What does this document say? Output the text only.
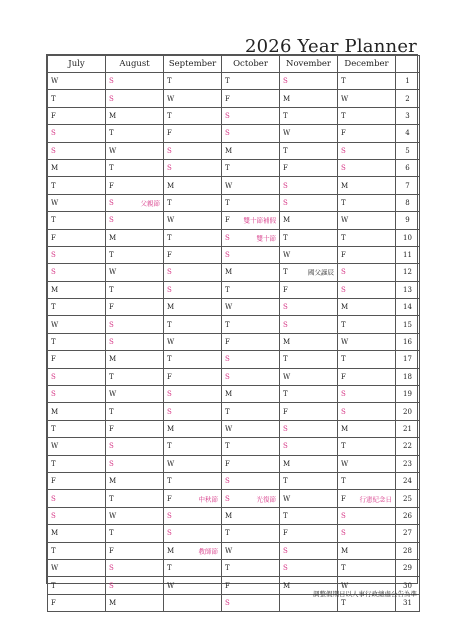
2026 Year Planner
July	August	September	October	November	December	

W	S	T	T	S	T	1

T	S	W	F	M	W	2

F	M	T	S	T	T	3

S	T	F	S	W	F	4

S	W	S	M	T	S	5

M	T	S	T	F	S	6

T	F	M	W	S	M	7

W	S 父親節	T	T	S	T	8

T	S	W	F 雙十節補假	M	W	9

F	M	T	S 雙十節	T	T	10

S	T	F	S	W	F	11

S	W	S	M	T 國父誕辰	S	12

M	T	S	T	F	S	13

T	F	M	W	S	M	14

W	S	T	T	S	T	15

T	S	W	F	M	W	16

F	M	T	S	T	T	17

S	T	F	S	W	F	18

S	W	S	M	T	S	19

M	T	S	T	F	S	20

T	F	M	W	S	M	21

W	S	T	T	S	T	22

T	S	W	F	M	W	23

F	M	T	S	T	T	24

S	T	F 中秋節	S 光復節	W	F 行憲紀念日	25

S	W	S	M	T	S	26

M	T	S	T	F	S	27

T	F	M 教師節	W	S	M	28

W	S	T	T	S	T	29

T	S	W	F	M	W	30

F	M		S		T	31
調整假期日以人事行政總處公告為準
